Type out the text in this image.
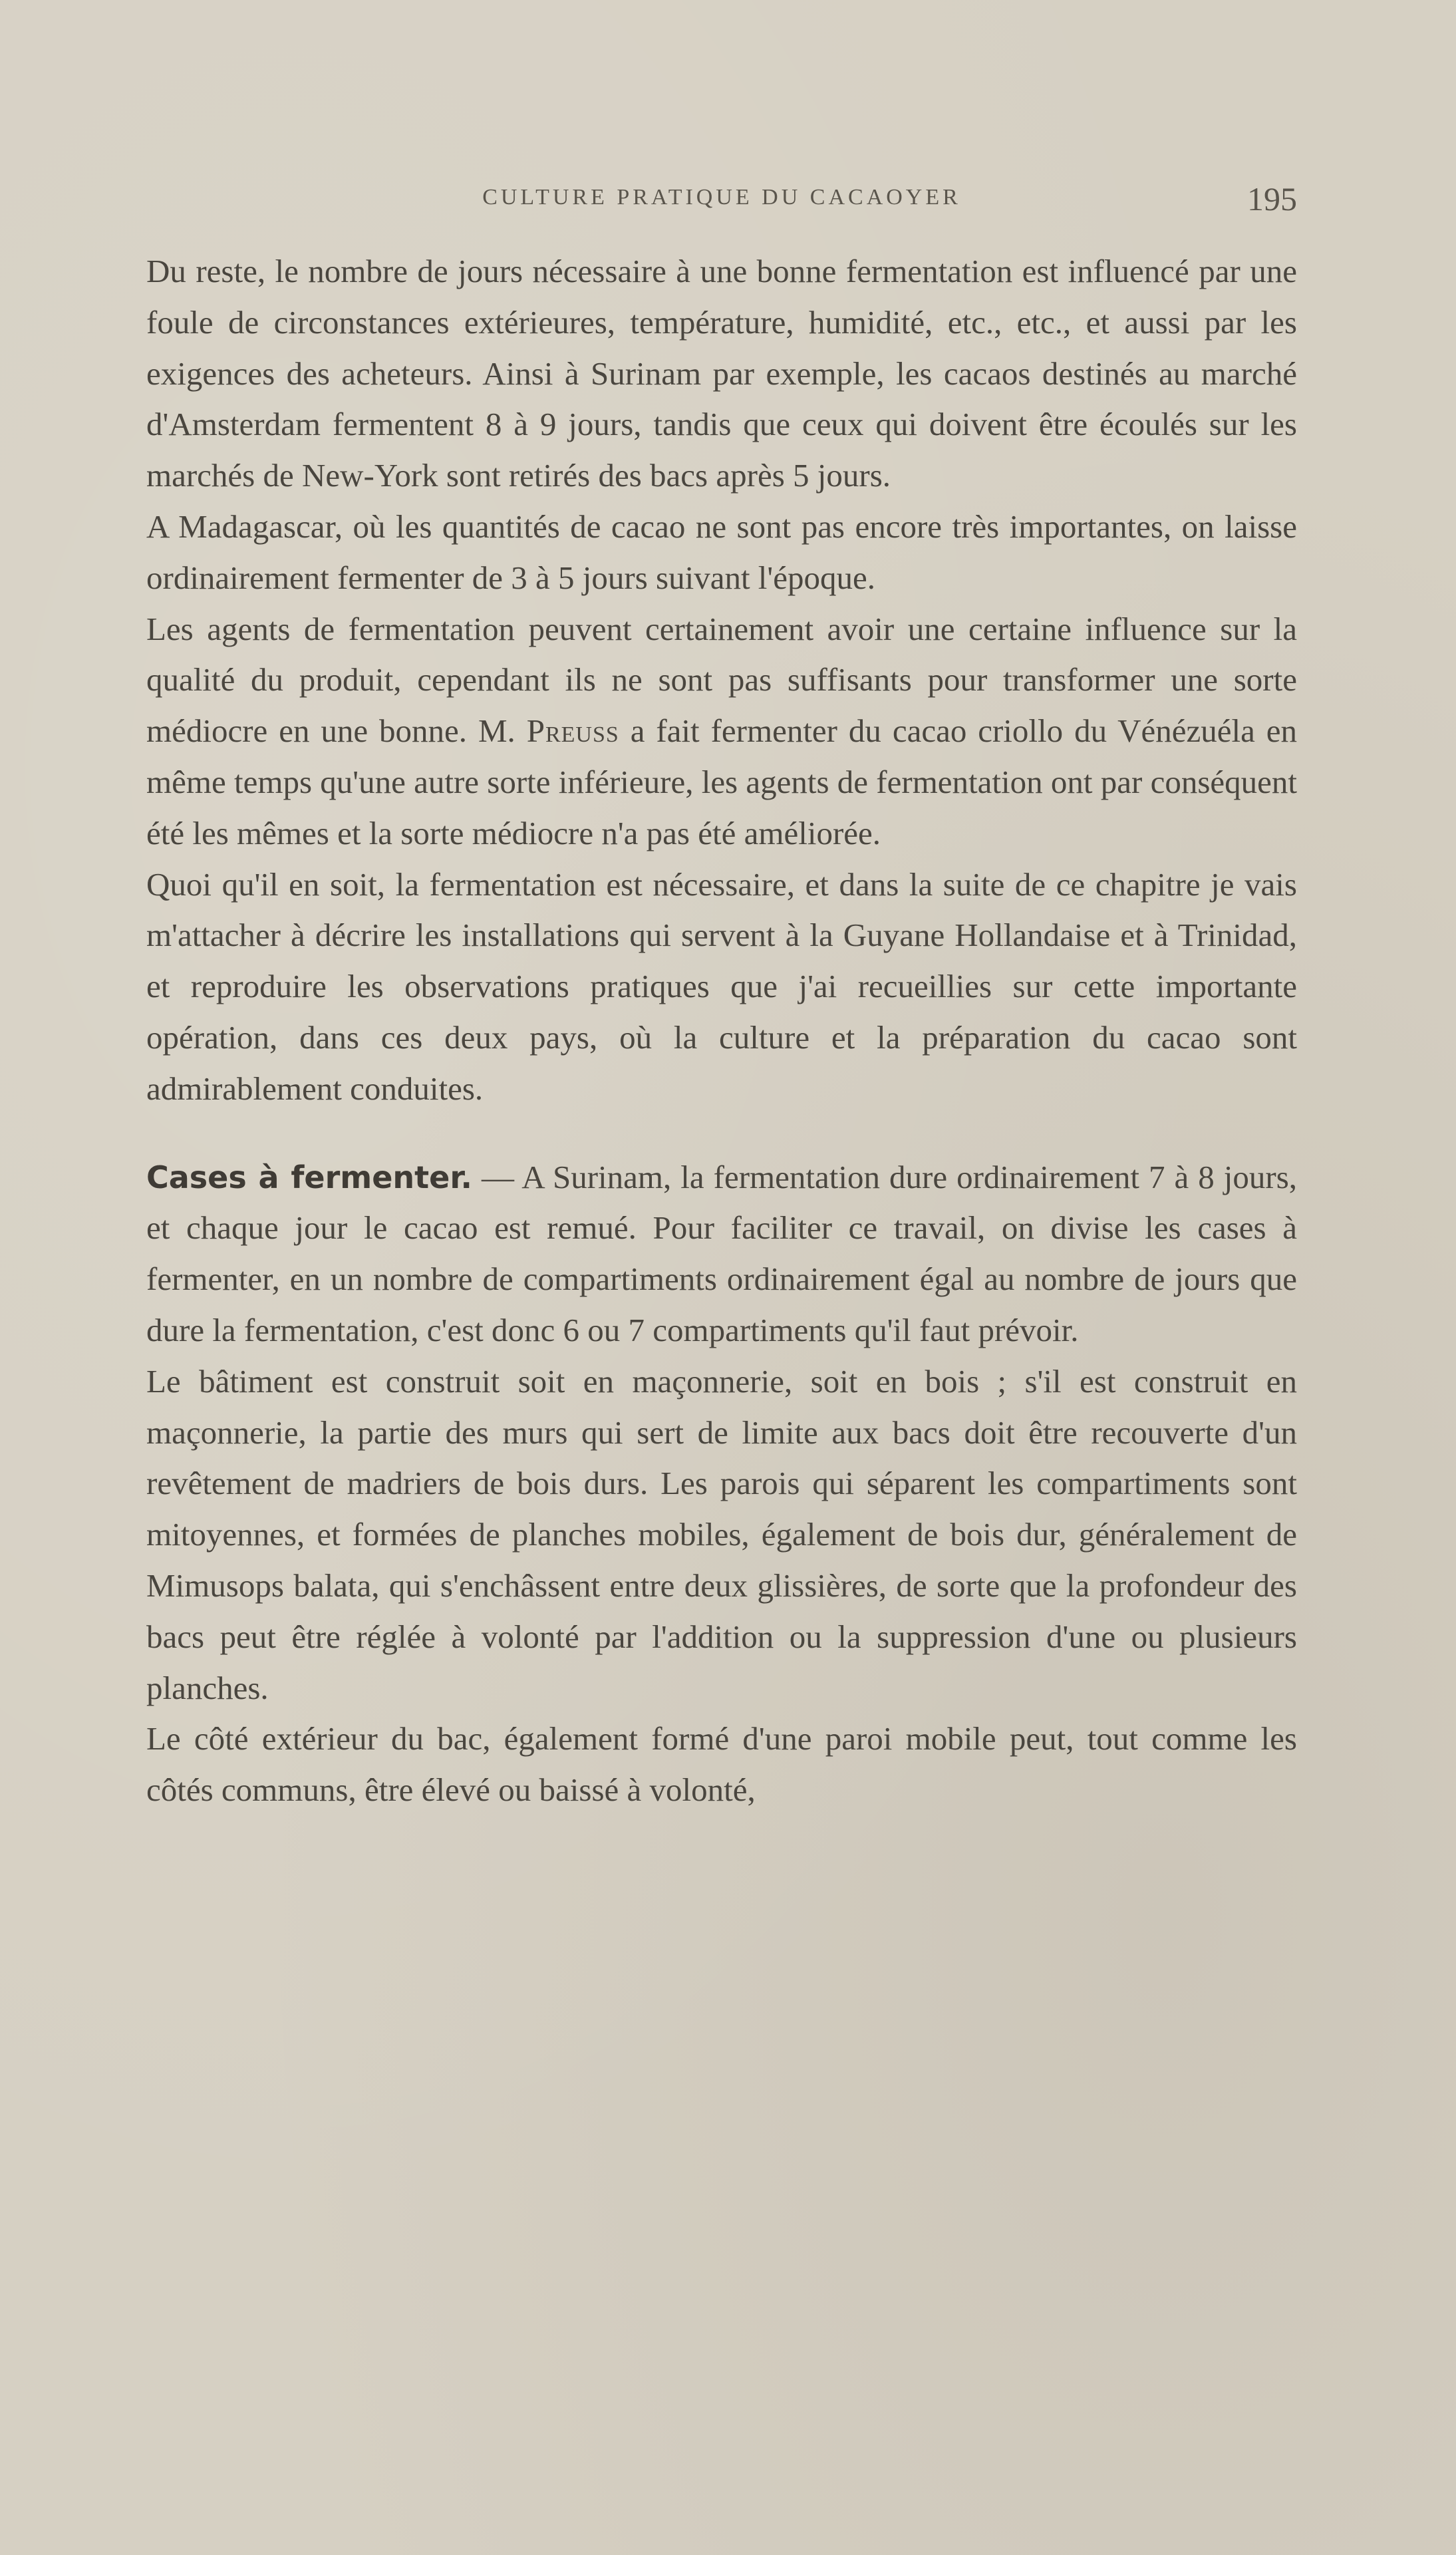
CULTURE PRATIQUE DU CACAOYER	195

Du reste, le nombre de jours nécessaire à une bonne fermentation est influencé par une foule de circonstances extérieures, température, humidité, etc., etc., et aussi par les exigences des acheteurs. Ainsi à Surinam par exemple, les cacaos destinés au marché d'Amsterdam fermentent 8 à 9 jours, tandis que ceux qui doivent être écoulés sur les marchés de New-York sont retirés des bacs après 5 jours.

A Madagascar, où les quantités de cacao ne sont pas encore très importantes, on laisse ordinairement fermenter de 3 à 5 jours suivant l'époque.

Les agents de fermentation peuvent certainement avoir une certaine influence sur la qualité du produit, cependant ils ne sont pas suffisants pour transformer une sorte médiocre en une bonne. M. Preuss a fait fermenter du cacao criollo du Vénézuéla en même temps qu'une autre sorte inférieure, les agents de fermentation ont par conséquent été les mêmes et la sorte médiocre n'a pas été améliorée.

Quoi qu'il en soit, la fermentation est nécessaire, et dans la suite de ce chapitre je vais m'attacher à décrire les installations qui servent à la Guyane Hollandaise et à Trinidad, et reproduire les observations pratiques que j'ai recueillies sur cette importante opération, dans ces deux pays, où la culture et la préparation du cacao sont admirablement conduites.

Cases à fermenter. — A Surinam, la fermentation dure ordinairement 7 à 8 jours, et chaque jour le cacao est remué. Pour faciliter ce travail, on divise les cases à fermenter, en un nombre de compartiments ordinairement égal au nombre de jours que dure la fermentation, c'est donc 6 ou 7 compartiments qu'il faut prévoir.

Le bâtiment est construit soit en maçonnerie, soit en bois ; s'il est construit en maçonnerie, la partie des murs qui sert de limite aux bacs doit être recouverte d'un revêtement de madriers de bois durs. Les parois qui séparent les compartiments sont mitoyennes, et formées de planches mobiles, également de bois dur, généralement de Mimusops balata, qui s'enchâssent entre deux glissières, de sorte que la profondeur des bacs peut être réglée à volonté par l'addition ou la suppression d'une ou plusieurs planches.

Le côté extérieur du bac, également formé d'une paroi mobile peut, tout comme les côtés communs, être élevé ou baissé à volonté,
